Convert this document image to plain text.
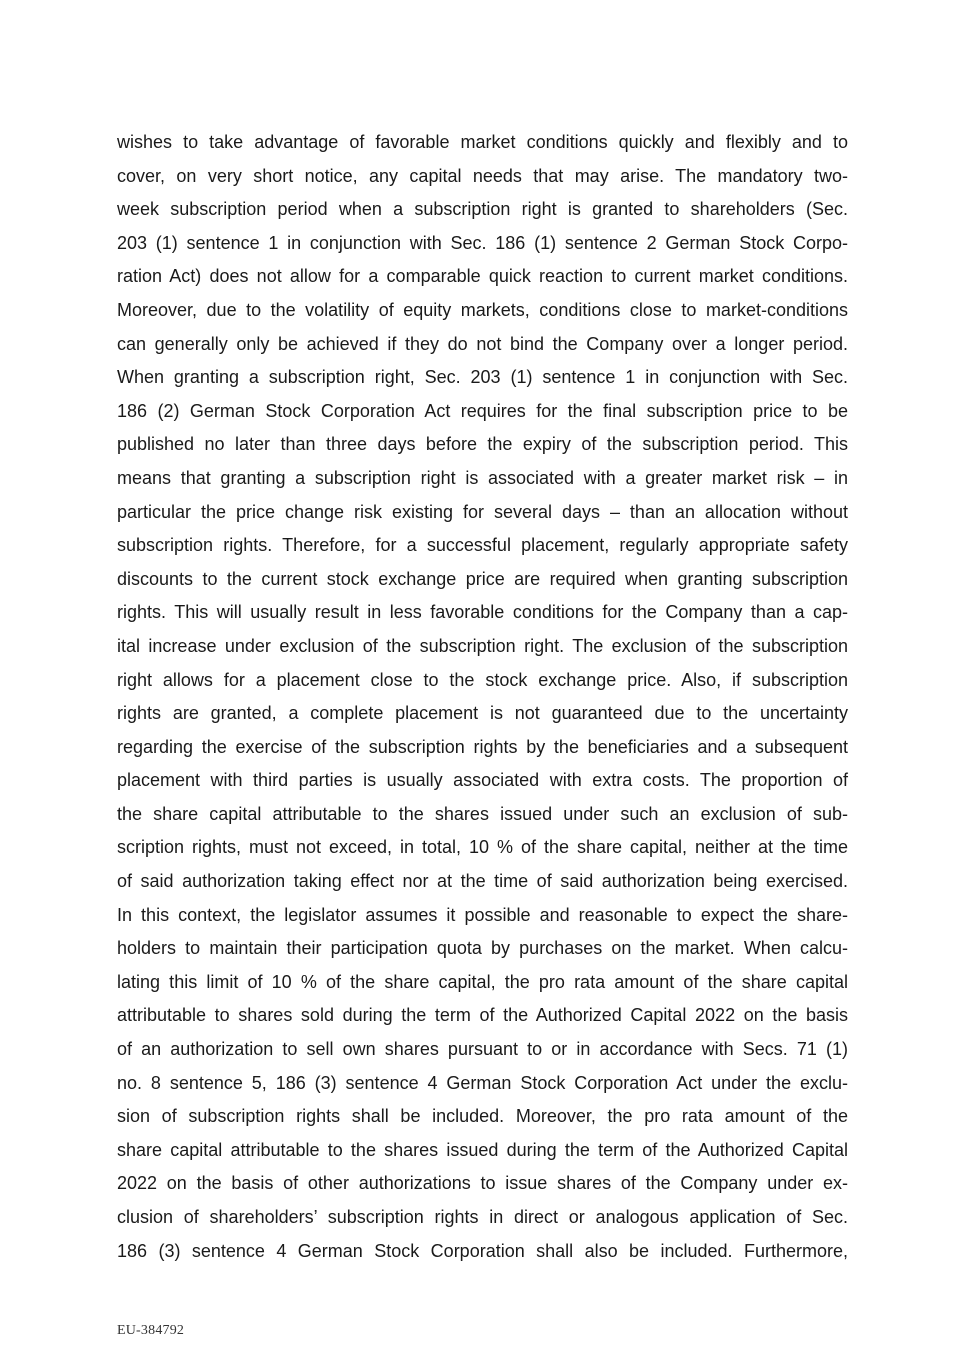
wishes to take advantage of favorable market conditions quickly and flexibly and to
cover, on very short notice, any capital needs that may arise. The mandatory two-
week subscription period when a subscription right is granted to shareholders (Sec.
203 (1) sentence 1 in conjunction with Sec. 186 (1) sentence 2 German Stock Corpo-
ration Act) does not allow for a comparable quick reaction to current market conditions.
Moreover, due to the volatility of equity markets, conditions close to market-conditions
can generally only be achieved if they do not bind the Company over a longer period.
When granting a subscription right, Sec. 203 (1) sentence 1 in conjunction with Sec.
186 (2) German Stock Corporation Act requires for the final subscription price to be
published no later than three days before the expiry of the subscription period. This
means that granting a subscription right is associated with a greater market risk – in
particular the price change risk existing for several days – than an allocation without
subscription rights. Therefore, for a successful placement, regularly appropriate safety
discounts to the current stock exchange price are required when granting subscription
rights. This will usually result in less favorable conditions for the Company than a cap-
ital increase under exclusion of the subscription right. The exclusion of the subscription
right allows for a placement close to the stock exchange price. Also, if subscription
rights are granted, a complete placement is not guaranteed due to the uncertainty
regarding the exercise of the subscription rights by the beneficiaries and a subsequent
placement with third parties is usually associated with extra costs. The proportion of
the share capital attributable to the shares issued under such an exclusion of sub-
scription rights, must not exceed, in total, 10 % of the share capital, neither at the time
of said authorization taking effect nor at the time of said authorization being exercised.
In this context, the legislator assumes it possible and reasonable to expect the share-
holders to maintain their participation quota by purchases on the market. When calcu-
lating this limit of 10 % of the share capital, the pro rata amount of the share capital
attributable to shares sold during the term of the Authorized Capital 2022 on the basis
of an authorization to sell own shares pursuant to or in accordance with Secs. 71 (1)
no. 8 sentence 5, 186 (3) sentence 4 German Stock Corporation Act under the exclu-
sion of subscription rights shall be included. Moreover, the pro rata amount of the
share capital attributable to the shares issued during the term of the Authorized Capital
2022 on the basis of other authorizations to issue shares of the Company under ex-
clusion of shareholders’ subscription rights in direct or analogous application of Sec.
186 (3) sentence 4 German Stock Corporation shall also be included. Furthermore,
EU-384792
